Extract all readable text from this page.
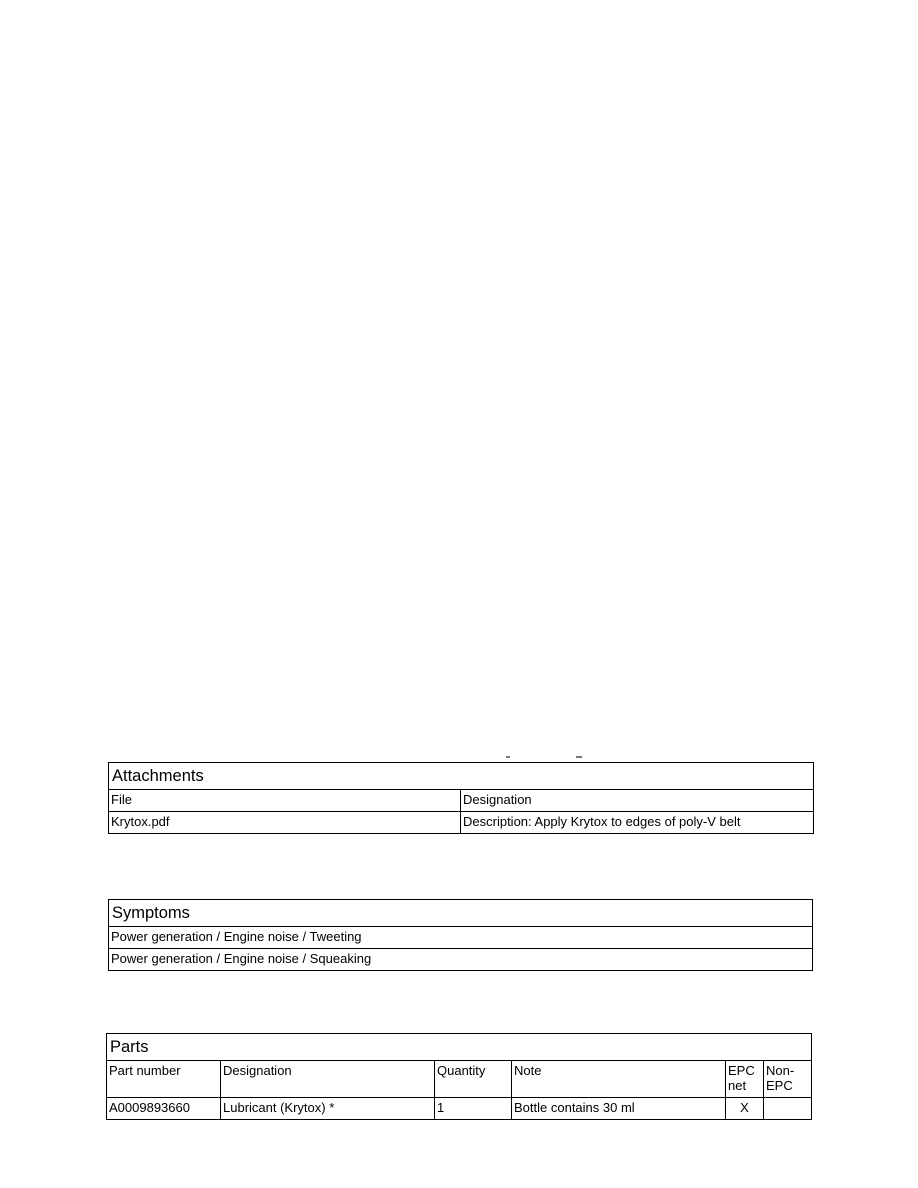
Attachments	
File	Designation
Krytox.pdf	Description: Apply Krytox to edges of poly-V belt
Symptoms
Power generation / Engine noise / Tweeting
Power generation / Engine noise / Squeaking
Parts					
Part number	Designation	Quantity	Note	EPC net	Non-EPC
A0009893660	Lubricant (Krytox) *	1	Bottle contains 30 ml	X	
